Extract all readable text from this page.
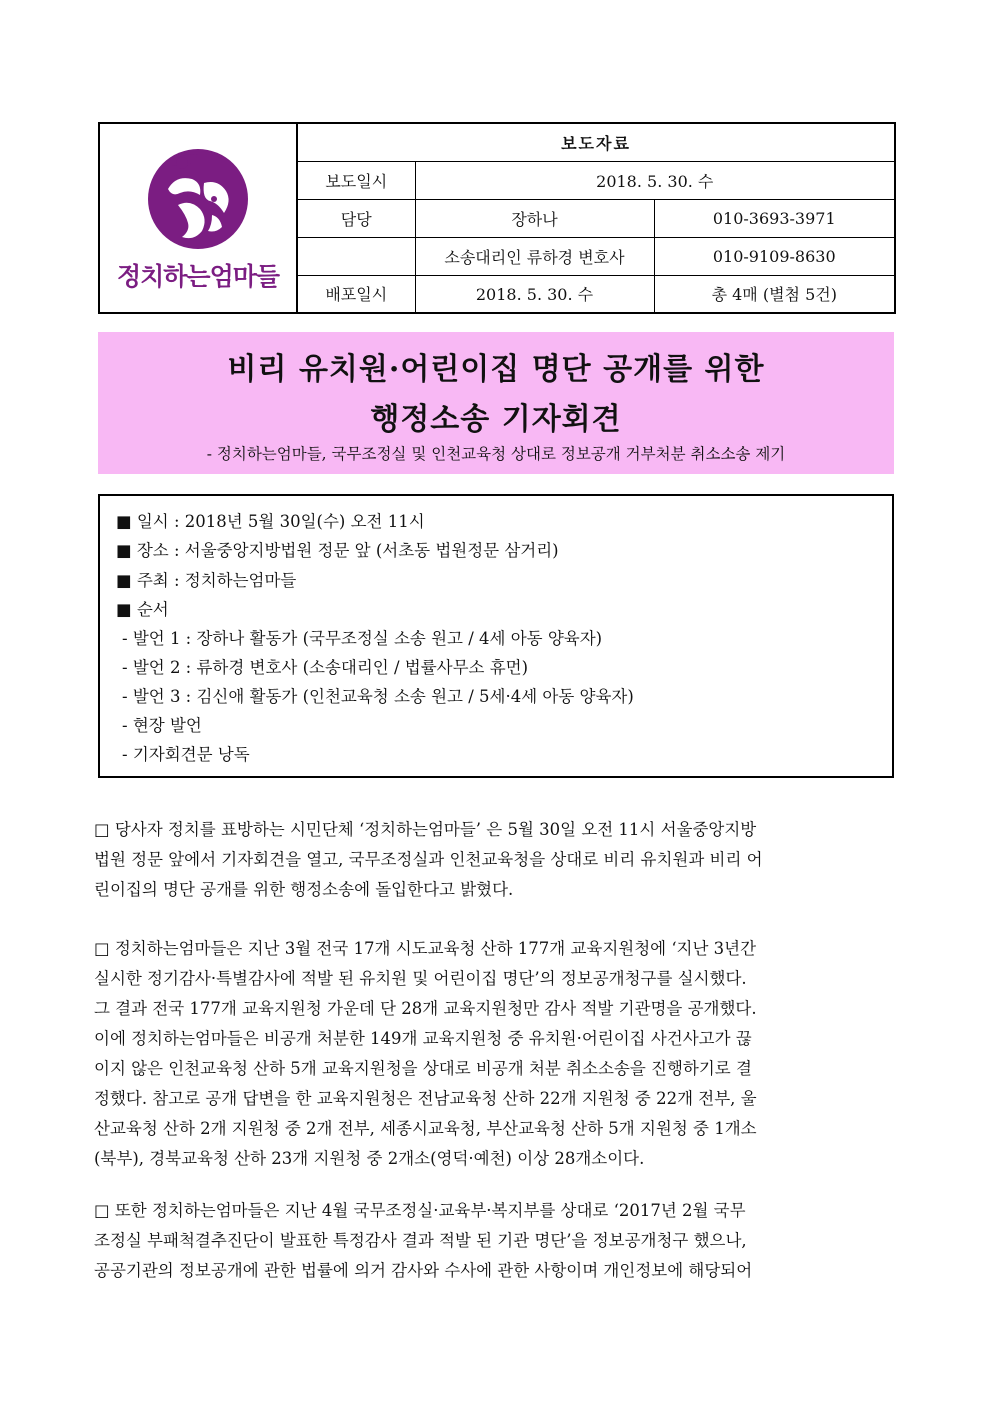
정치하는엄마들	보도자료		
	보도일시	2018. 5. 30. 수	
	담당	장하나	010-3693-3971
		소송대리인 류하경 변호사	010-9109-8630
	배포일시	2018. 5. 30. 수	총 4매 (별첨 5건)
비리 유치원·어린이집 명단 공개를 위한
행정소송 기자회견
- 정치하는엄마들, 국무조정실 및 인천교육청 상대로 정보공개 거부처분 취소소송 제기
■ 일시 : 2018년 5월 30일(수) 오전 11시
■ 장소 : 서울중앙지방법원 정문 앞 (서초동 법원정문 삼거리)
■ 주최 : 정치하는엄마들
■ 순서
- 발언 1 : 장하나 활동가 (국무조정실 소송 원고 / 4세 아동 양육자)
- 발언 2 : 류하경 변호사 (소송대리인 / 법률사무소 휴먼)
- 발언 3 : 김신애 활동가 (인천교육청 소송 원고 / 5세·4세 아동 양육자)
- 현장 발언
- 기자회견문 낭독
□ 당사자 정치를 표방하는 시민단체 ‘정치하는엄마들’ 은 5월 30일 오전 11시 서울중앙지방
법원 정문 앞에서 기자회견을 열고, 국무조정실과 인천교육청을 상대로 비리 유치원과 비리 어
린이집의 명단 공개를 위한 행정소송에 돌입한다고 밝혔다.
□ 정치하는엄마들은 지난 3월 전국 17개 시도교육청 산하 177개 교육지원청에 ‘지난 3년간
실시한 정기감사·특별감사에 적발 된 유치원 및 어린이집 명단’의 정보공개청구를 실시했다.
그 결과 전국 177개 교육지원청 가운데 단 28개 교육지원청만 감사 적발 기관명을 공개했다.
이에 정치하는엄마들은 비공개 처분한 149개 교육지원청 중 유치원·어린이집 사건사고가 끊
이지 않은 인천교육청 산하 5개 교육지원청을 상대로 비공개 처분 취소소송을 진행하기로 결
정했다. 참고로 공개 답변을 한 교육지원청은 전남교육청 산하 22개 지원청 중 22개 전부, 울
산교육청 산하 2개 지원청 중 2개 전부, 세종시교육청, 부산교육청 산하 5개 지원청 중 1개소
(북부), 경북교육청 산하 23개 지원청 중 2개소(영덕·예천) 이상 28개소이다.
□ 또한 정치하는엄마들은 지난 4월 국무조정실·교육부·복지부를 상대로 ‘2017년 2월 국무
조정실 부패척결추진단이 발표한 특정감사 결과 적발 된 기관 명단’을 정보공개청구 했으나,
공공기관의 정보공개에 관한 법률에 의거 감사와 수사에 관한 사항이며 개인정보에 해당되어
